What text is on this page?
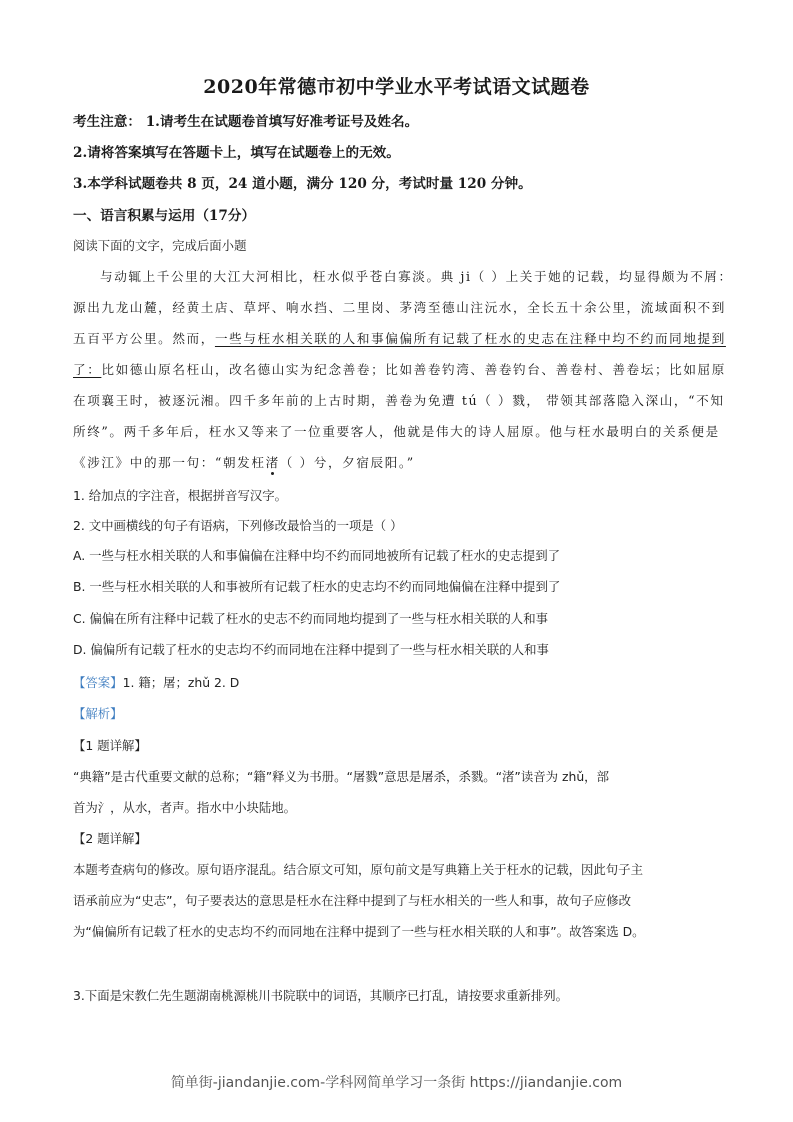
2020年常德市初中学业水平考试语文试题卷
考生注意： 1.请考生在试题卷首填写好准考证号及姓名。
2.请将答案填写在答题卡上，填写在试题卷上的无效。
3.本学科试题卷共 8 页，24 道小题，满分 120 分，考试时量 120 分钟。
一、语言积累与运用（17分）
阅读下面的文字，完成后面小题
与动辄上千公里的大江大河相比，枉水似乎苍白寡淡。典 ji（ ）上关于她的记载，均显得颇为不屑：
源出九龙山麓，经黄土店、草坪、响水挡、二里岗、茅湾至德山注沅水，全长五十余公里，流域面积不到
五百平方公里。然而，一些与枉水相关联的人和事偏偏所有记载了枉水的史志在注释中均不约而同地提到
了：比如德山原名枉山，改名德山实为纪念善卷；比如善卷钓湾、善卷钓台、善卷村、善卷坛；比如屈原
在项襄王时，被逐沅湘。四千多年前的上古时期，善卷为免遭 tú（ ）戮， 带领其部落隐入深山，“不知
所终”。两千多年后，枉水又等来了一位重要客人，他就是伟大的诗人屈原。他与枉水最明白的关系便是
《涉江》中的那一句：“朝发枉渚（ ）兮，夕宿辰阳。”
1. 给加点的字注音，根据拼音写汉字。
2. 文中画横线的句子有语病，下列修改最恰当的一项是（ ）
A. 一些与枉水相关联的人和事偏偏在注释中均不约而同地被所有记载了枉水的史志提到了
B. 一些与枉水相关联的人和事被所有记载了枉水的史志均不约而同地偏偏在注释中提到了
C. 偏偏在所有注释中记载了枉水的史志不约而同地均提到了一些与枉水相关联的人和事
D. 偏偏所有记载了枉水的史志均不约而同地在注释中提到了一些与枉水相关联的人和事
【答案】1. 籍；屠；zhǔ 2. D
【解析】
【1 题详解】
“典籍”是古代重要文献的总称；“籍”释义为书册。“屠戮”意思是屠杀，杀戮。“渚”读音为 zhǔ，部
首为氵，从水，者声。指水中小块陆地。
【2 题详解】
本题考查病句的修改。原句语序混乱。结合原文可知，原句前文是写典籍上关于枉水的记载，因此句子主
语承前应为“史志”，句子要表达的意思是枉水在注释中提到了与枉水相关的一些人和事，故句子应修改
为“偏偏所有记载了枉水的史志均不约而同地在注释中提到了一些与枉水相关联的人和事”。故答案选 D。
3.下面是宋教仁先生题湖南桃源桃川书院联中的词语，其顺序已打乱，请按要求重新排列。
简单街-jiandanjie.com-学科网简单学习一条街 https://jiandanjie.com
